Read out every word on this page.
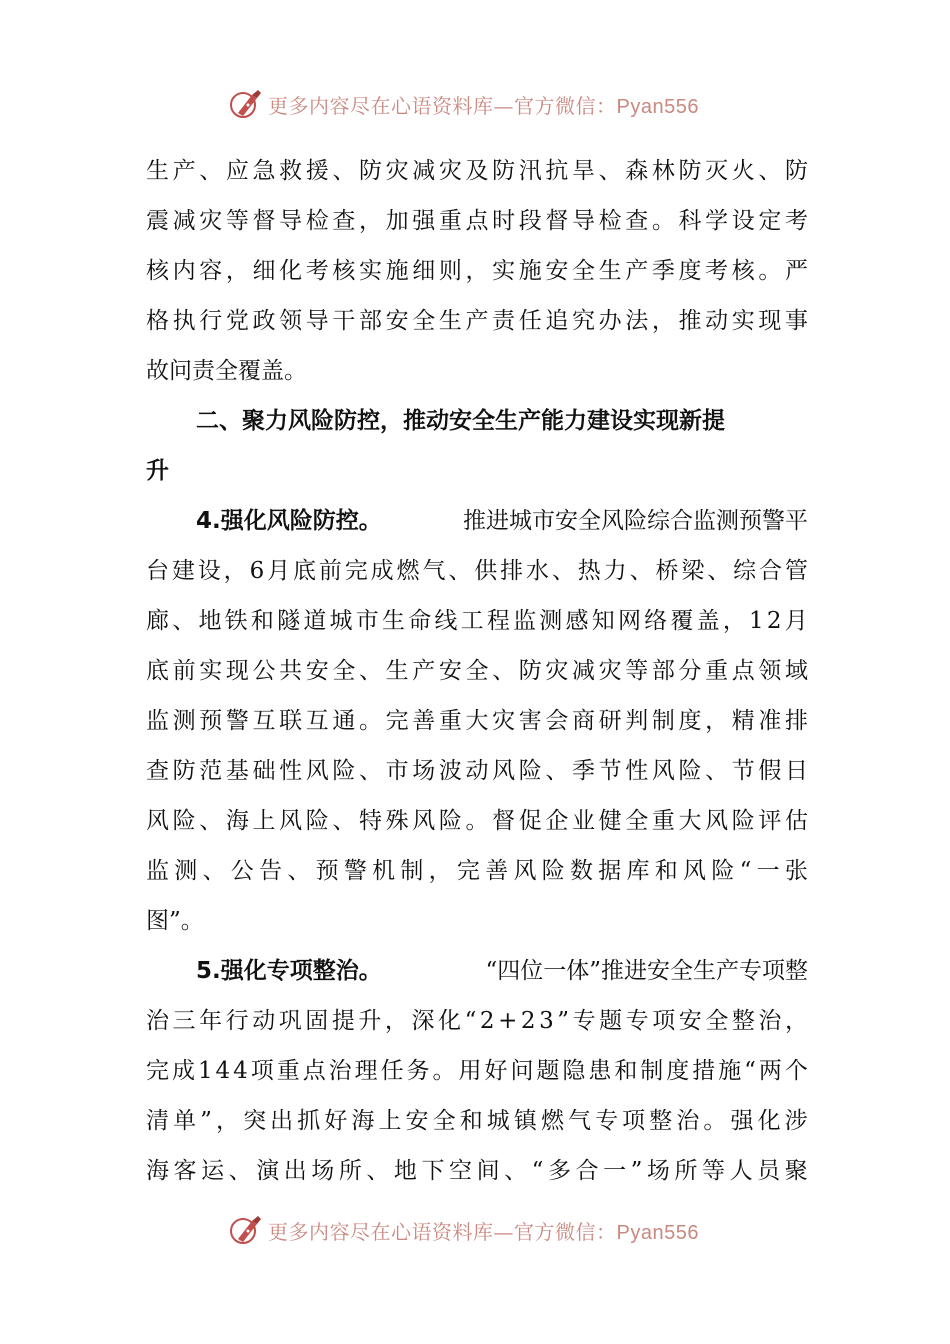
更多内容尽在心语资料库—官方微信：Pyan556
生 产 、 应 急 救 援 、 防 灾 减 灾 及 防 汛 抗 旱 、 森 林 防 灭 火 、 防
震 减 灾 等 督 导 检 查 ， 加 强 重 点 时 段 督 导 检 查 。 科 学 设 定 考
核 内 容 ， 细 化 考 核 实 施 细 则 ， 实 施 安 全 生 产 季 度 考 核 。 严
格 执 行 党 政 领 导 干 部 安 全 生 产 责 任 追 究 办 法 ， 推 动 实 现 事
故问责全覆盖。
二、聚力风险防控，推动安全生产能力建设实现新提
升
4.强化风险防控。	推进城市安全风险综合监测预警平
台 建 设 ， 6 月 底 前 完 成 燃 气 、 供 排 水 、 热 力 、 桥 梁 、 综 合 管
廊 、 地 铁 和 隧 道 城 市 生 命 线 工 程 监 测 感 知 网 络 覆 盖 ， 1 2 月
底 前 实 现 公 共 安 全 、 生 产 安 全 、 防 灾 减 灾 等 部 分 重 点 领 域
监 测 预 警 互 联 互 通 。 完 善 重 大 灾 害 会 商 研 判 制 度 ， 精 准 排
查 防 范 基 础 性 风 险 、 市 场 波 动 风 险 、 季 节 性 风 险 、 节 假 日
风 险 、 海 上 风 险 、 特 殊 风 险 。 督 促 企 业 健 全 重 大 风 险 评 估
监 测 、 公 告 、 预 警 机 制 ， 完 善 风 险 数 据 库 和 风 险 “ 一 张
图”。
5.强化专项整治。	“四位一体”推进安全生产专项整
治 三 年 行 动 巩 固 提 升 ， 深 化 “ 2 + 2 3 ” 专 题 专 项 安 全 整 治 ，
完 成 1 4 4 项 重 点 治 理 任 务 。 用 好 问 题 隐 患 和 制 度 措 施 “ 两 个
清 单 ” ， 突 出 抓 好 海 上 安 全 和 城 镇 燃 气 专 项 整 治 。 强 化 涉
海 客 运 、 演 出 场 所 、 地 下 空 间 、 “ 多 合 一 ” 场 所 等 人 员 聚
更多内容尽在心语资料库—官方微信：Pyan556
